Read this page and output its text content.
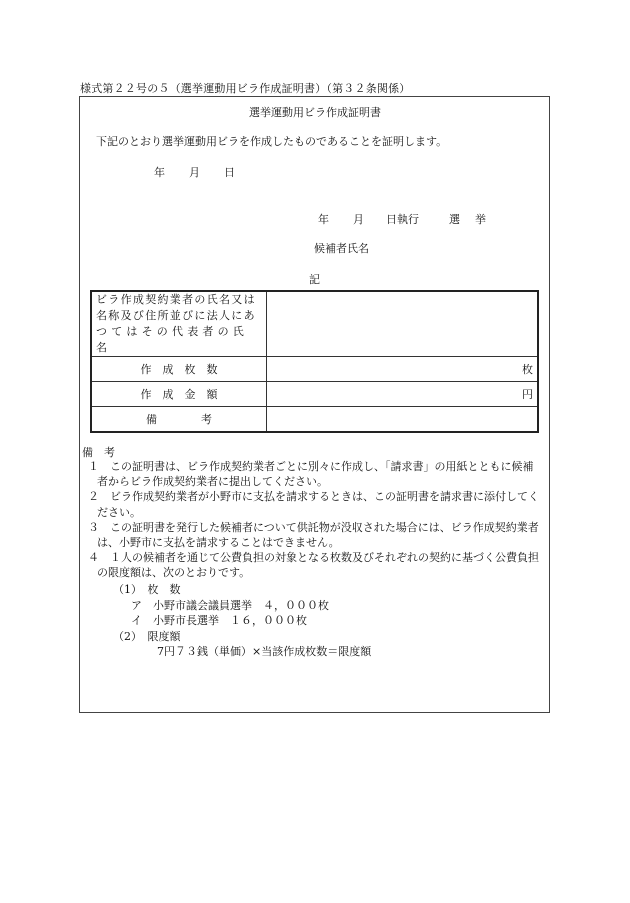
様式第２２号の５（選挙運動用ビラ作成証明書）（第３２条関係）
選挙運動用ビラ作成証明書
下記のとおり選挙運動用ビラを作成したものであることを証明します。
年 月 日
年 月 日執行	選 挙
候補者氏名
記
ビラ作成契約業者の氏名又は
名称及び住所並びに法人にあ
つてはその代表者の氏名	

作　成　枚　数	枚
作　成　金　額	円
備　　　　考	
備　考

１　この証明書は、ビラ作成契約業者ごとに別々に作成し、「請求書」の用紙とともに候補者からビラ作成契約業者に提出してください。

２　ビラ作成契約業者が小野市に支払を請求するときは、この証明書を請求書に添付してください。

３　この証明書を発行した候補者について供託物が没収された場合には、ビラ作成契約業者は、小野市に支払を請求することはできません。

４　１人の候補者を通じて公費負担の対象となる枚数及びそれぞれの契約に基づく公費負担の限度額は、次のとおりです。

（1）　枚　数
ア　小野市議会議員選挙　４，０００枚
イ　小野市長選挙　１６，０００枚
（2）　限度額
7円７３銭（単価）×当該作成枚数＝限度額
